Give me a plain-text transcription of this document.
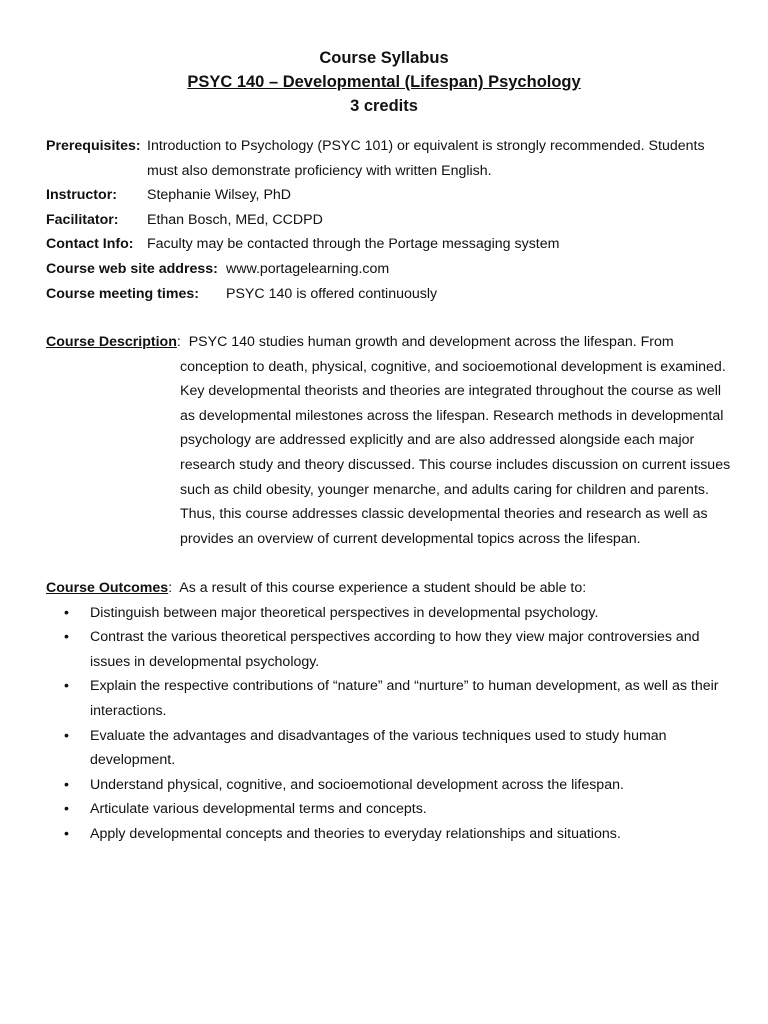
Course Syllabus
PSYC 140 – Developmental (Lifespan) Psychology
3 credits
Prerequisites: Introduction to Psychology (PSYC 101) or equivalent is strongly recommended. Students must also demonstrate proficiency with written English.
Instructor: Stephanie Wilsey, PhD
Facilitator: Ethan Bosch, MEd, CCDPD
Contact Info: Faculty may be contacted through the Portage messaging system
Course web site address: www.portagelearning.com
Course meeting times: PSYC 140 is offered continuously

Course Description:  PSYC 140 studies human growth and development across the lifespan. From

conception to death, physical, cognitive, and socioemotional development is examined. Key developmental theorists and theories are integrated throughout the course as well as developmental milestones across the lifespan. Research methods in developmental psychology are addressed explicitly and are also addressed alongside each major research study and theory discussed. This course includes discussion on current issues such as child obesity, younger menarche, and adults caring for children and parents. Thus, this course addresses classic developmental theories and research as well as provides an overview of current developmental topics across the lifespan.

Course Outcomes:  As a result of this course experience a student should be able to:
• Distinguish between major theoretical perspectives in developmental psychology.
• Contrast the various theoretical perspectives according to how they view major controversies and issues in developmental psychology.
• Explain the respective contributions of “nature” and “nurture” to human development, as well as their interactions.
• Evaluate the advantages and disadvantages of the various techniques used to study human development.
• Understand physical, cognitive, and socioemotional development across the lifespan.
• Articulate various developmental terms and concepts.
• Apply developmental concepts and theories to everyday relationships and situations.
